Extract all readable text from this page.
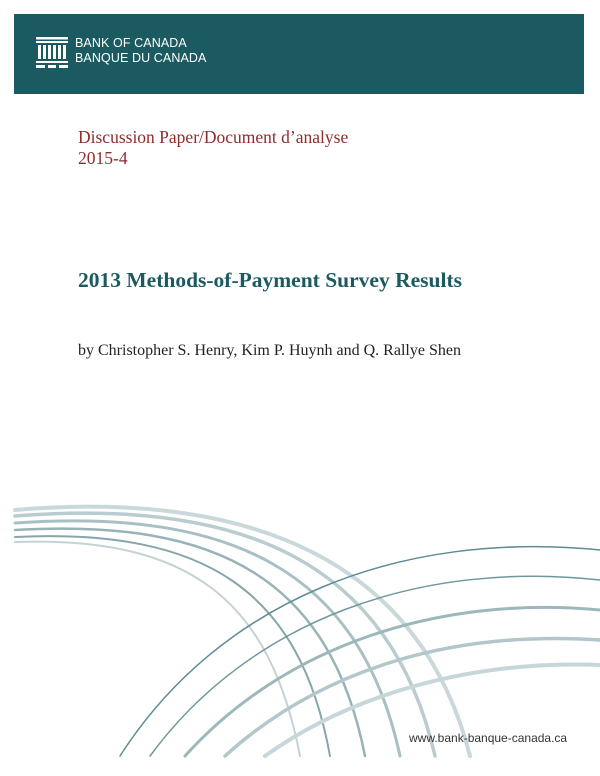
BANK OF CANADA
BANQUE DU CANADA
Discussion Paper/Document d’analyse
2015-4
2013 Methods-of-Payment Survey Results
by Christopher S. Henry, Kim P. Huynh and Q. Rallye Shen
www.bank-banque-canada.ca
